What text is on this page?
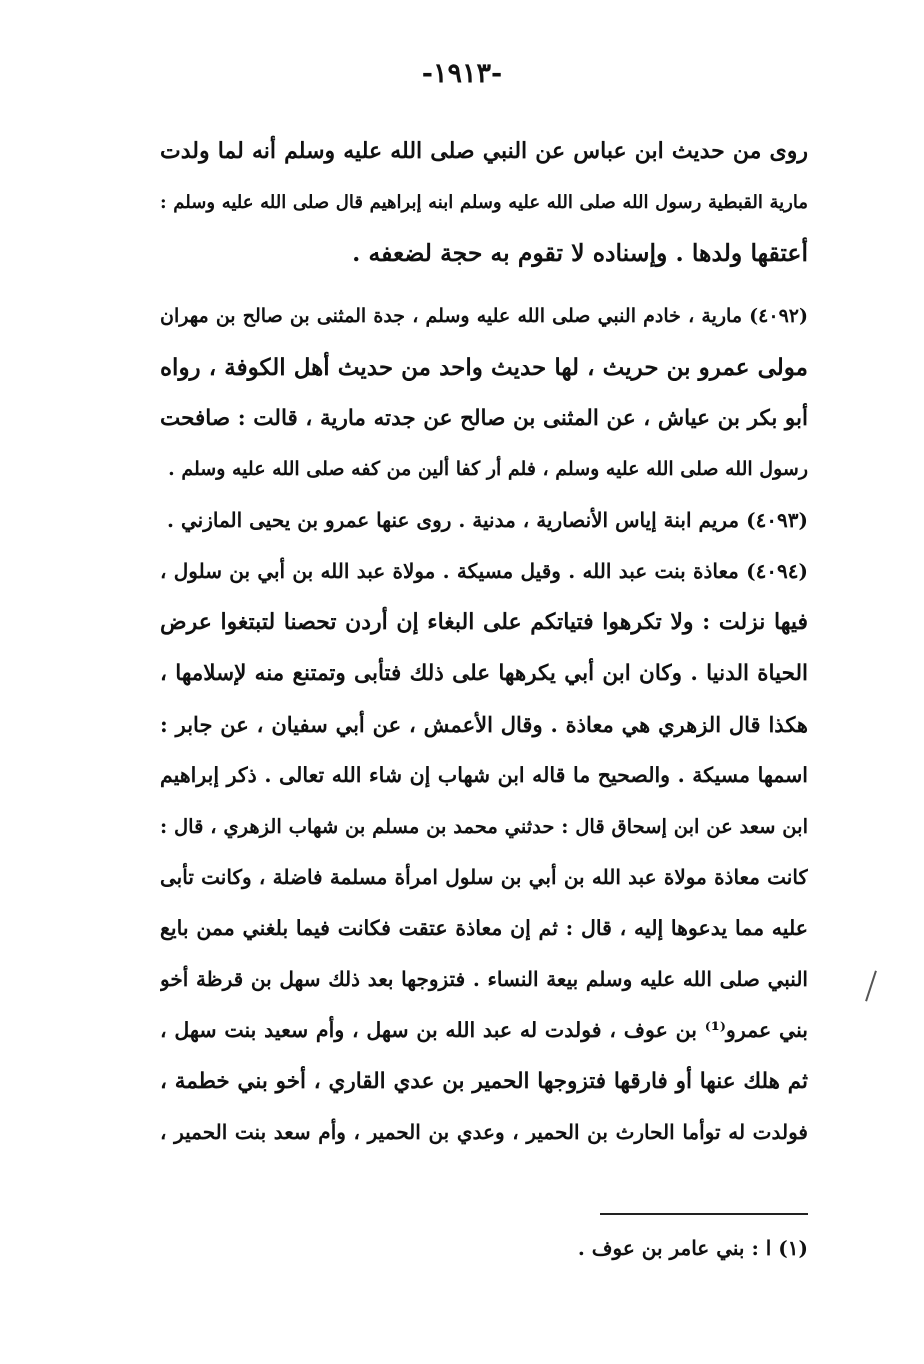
-١٩١٣-
روى من حديث ابن عباس عن النبي صلى الله عليه وسلم أنه لما ولدت
مارية القبطية رسول الله صلى الله عليه وسلم ابنه إبراهيم قال صلى الله عليه وسلم :
أعتقها ولدها . وإسناده لا تقوم به حجة لضعفه .
(٤٠٩٢) مارية ، خادم النبي صلى الله عليه وسلم ، جدة المثنى بن صالح بن مهران
مولى عمرو بن حريث ، لها حديث واحد من حديث أهل الكوفة ، رواه
أبو بكر بن عياش ، عن المثنى بن صالح عن جدته مارية ، قالت : صافحت
رسول الله صلى الله عليه وسلم ، فلم أر كفا ألين من كفه صلى الله عليه وسلم .
(٤٠٩٣) مريم ابنة إياس الأنصارية ، مدنية . روى عنها عمرو بن يحيى المازني .
(٤٠٩٤) معاذة بنت عبد الله . وقيل مسيكة . مولاة عبد الله بن أبي بن سلول ،
فيها نزلت : ولا تكرهوا فتياتكم على البغاء إن أردن تحصنا لتبتغوا عرض
الحياة الدنيا . وكان ابن أبي يكرهها على ذلك فتأبى وتمتنع منه لإسلامها ،
هكذا قال الزهري هي معاذة . وقال الأعمش ، عن أبي سفيان ، عن جابر :
اسمها مسيكة . والصحيح ما قاله ابن شهاب إن شاء الله تعالى . ذكر إبراهيم
ابن سعد عن ابن إسحاق قال : حدثني محمد بن مسلم بن شهاب الزهري ، قال :
كانت معاذة مولاة عبد الله بن أبي بن سلول امرأة مسلمة فاضلة ، وكانت تأبى
عليه مما يدعوها إليه ، قال : ثم إن معاذة عتقت فكانت فيما بلغني ممن بايع
النبي صلى الله عليه وسلم بيعة النساء . فتزوجها بعد ذلك سهل بن قرظة أخو
بني عمرو⁽¹⁾ بن عوف ، فولدت له عبد الله بن سهل ، وأم سعيد بنت سهل ،
ثم هلك عنها أو فارقها فتزوجها الحمير بن عدي القاري ، أخو بني خطمة ،
فولدت له توأما الحارث بن الحمير ، وعدي بن الحمير ، وأم سعد بنت الحمير ،
(١) ا : بني عامر بن عوف .
